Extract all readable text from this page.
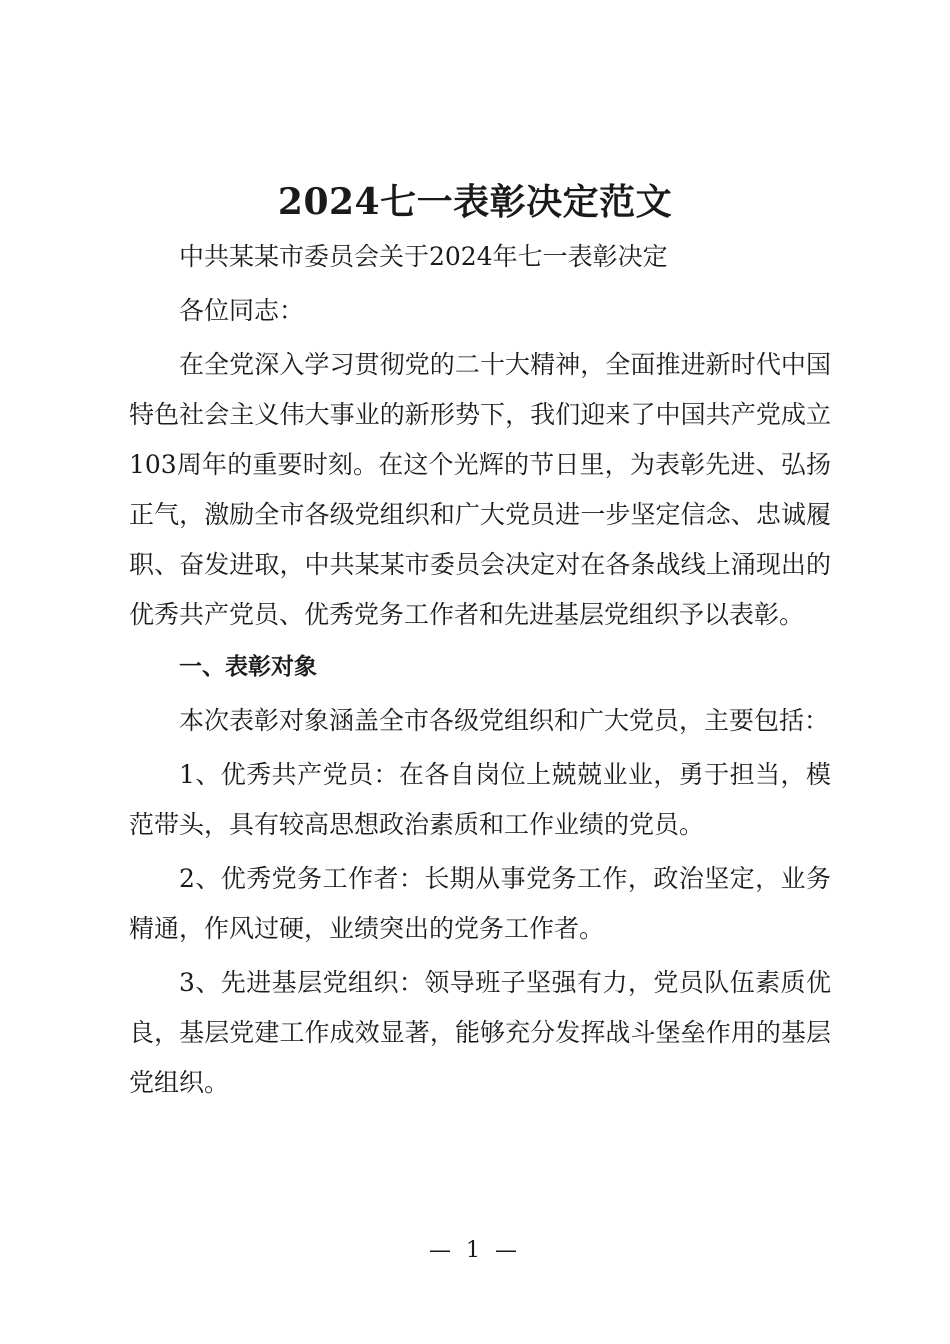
2024七一表彰决定范文

中共某某市委员会关于2024年七一表彰决定

各位同志：

在全党深入学习贯彻党的二十大精神，全面推进新时代中国特色社会主义伟大事业的新形势下，我们迎来了中国共产党成立103周年的重要时刻。在这个光辉的节日里，为表彰先进、弘扬正气，激励全市各级党组织和广大党员进一步坚定信念、忠诚履职、奋发进取，中共某某市委员会决定对在各条战线上涌现出的优秀共产党员、优秀党务工作者和先进基层党组织予以表彰。

一、表彰对象

本次表彰对象涵盖全市各级党组织和广大党员，主要包括：

1、优秀共产党员：在各自岗位上兢兢业业，勇于担当，模范带头，具有较高思想政治素质和工作业绩的党员。

2、优秀党务工作者：长期从事党务工作，政治坚定，业务精通，作风过硬，业绩突出的党务工作者。

3、先进基层党组织：领导班子坚强有力，党员队伍素质优良，基层党建工作成效显著，能够充分发挥战斗堡垒作用的基层党组织。

— 1 —
